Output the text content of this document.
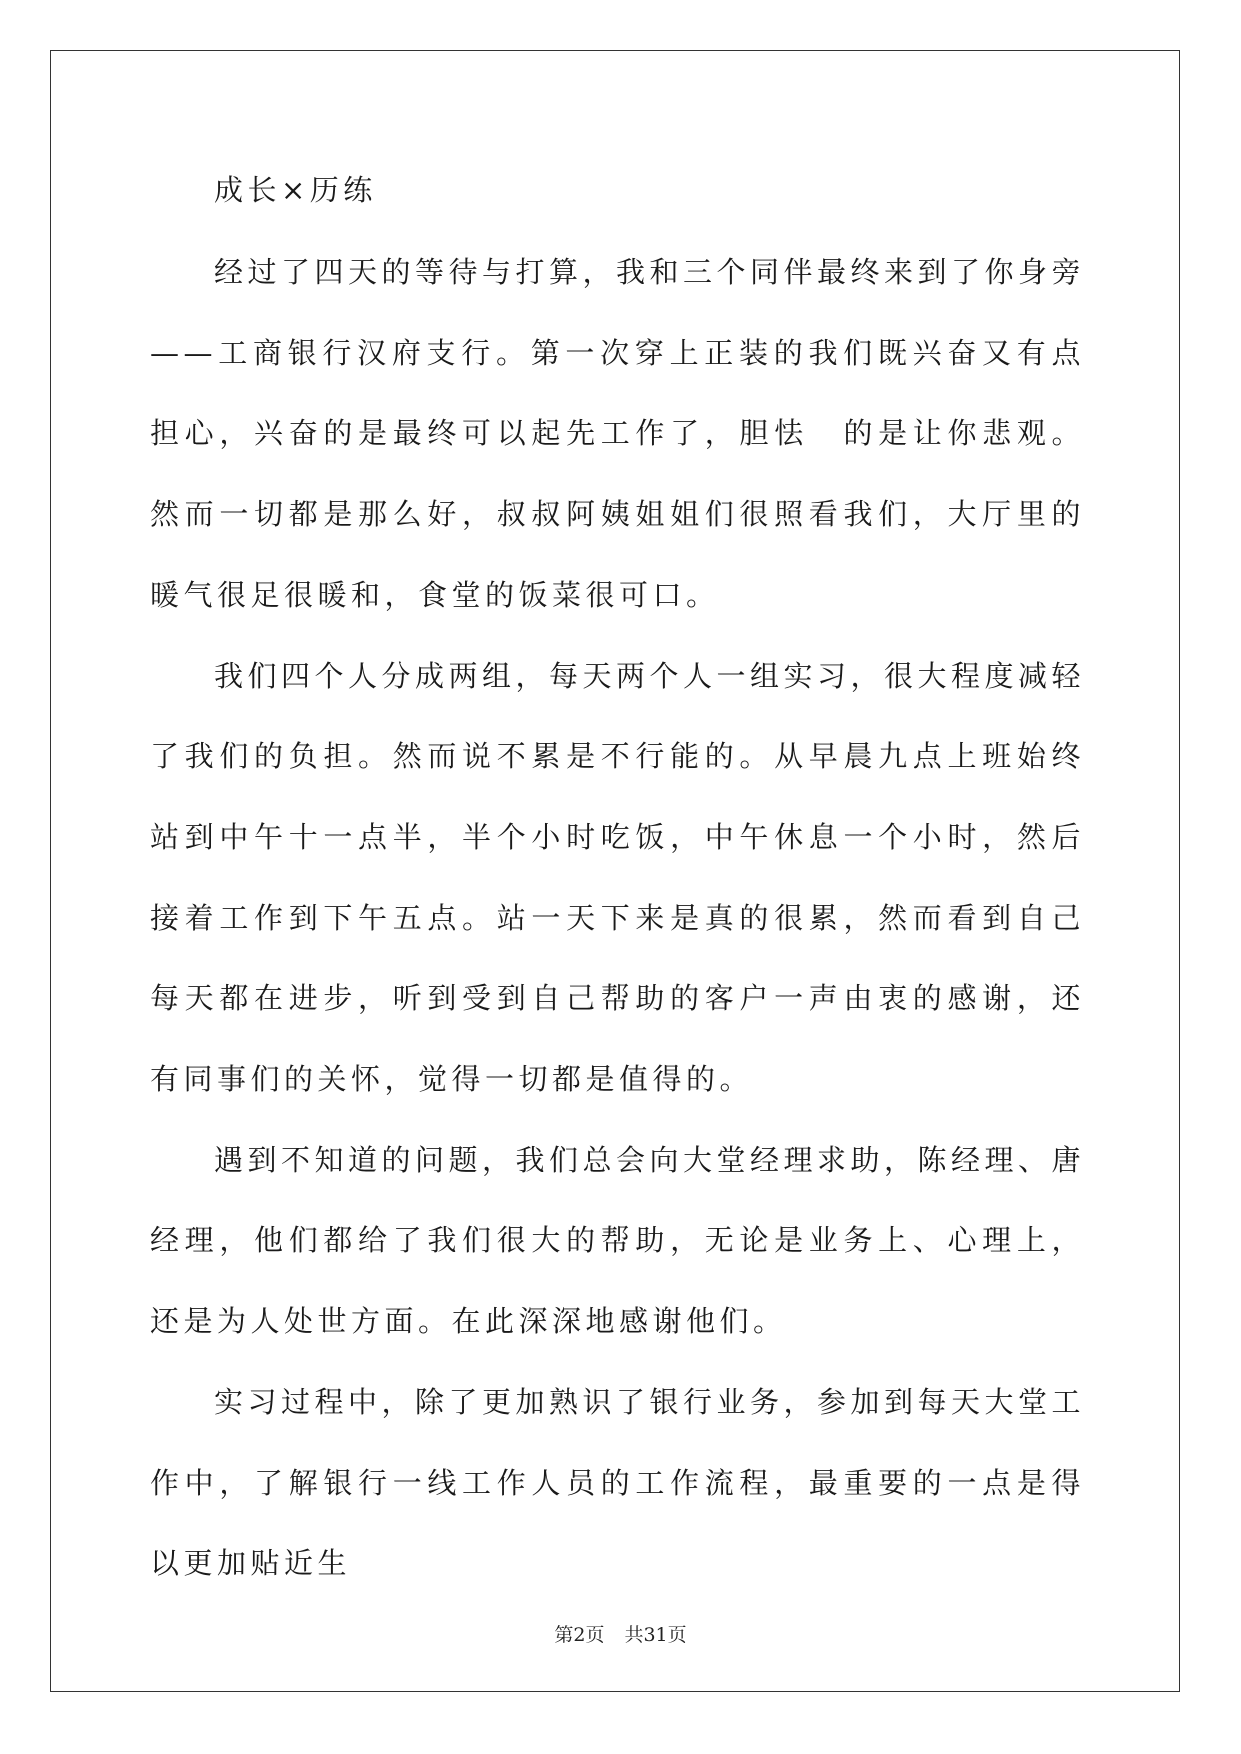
成长×历练

经过了四天的等待与打算，我和三个同伴最终来到了你身旁——工商银行汉府支行。第一次穿上正装的我们既兴奋又有点担心，兴奋的是最终可以起先工作了，胆怯　的是让你悲观。然而一切都是那么好，叔叔阿姨姐姐们很照看我们，大厅里的暖气很足很暖和，食堂的饭菜很可口。

我们四个人分成两组，每天两个人一组实习，很大程度减轻了我们的负担。然而说不累是不行能的。从早晨九点上班始终站到中午十一点半，半个小时吃饭，中午休息一个小时，然后接着工作到下午五点。站一天下来是真的很累，然而看到自己每天都在进步，听到受到自己帮助的客户一声由衷的感谢，还有同事们的关怀，觉得一切都是值得的。

遇到不知道的问题，我们总会向大堂经理求助，陈经理、唐经理，他们都给了我们很大的帮助，无论是业务上、心理上，还是为人处世方面。在此深深地感谢他们。

实习过程中，除了更加熟识了银行业务，参加到每天大堂工作中，了解银行一线工作人员的工作流程，最重要的一点是得以更加贴近生

第2页 共31页
